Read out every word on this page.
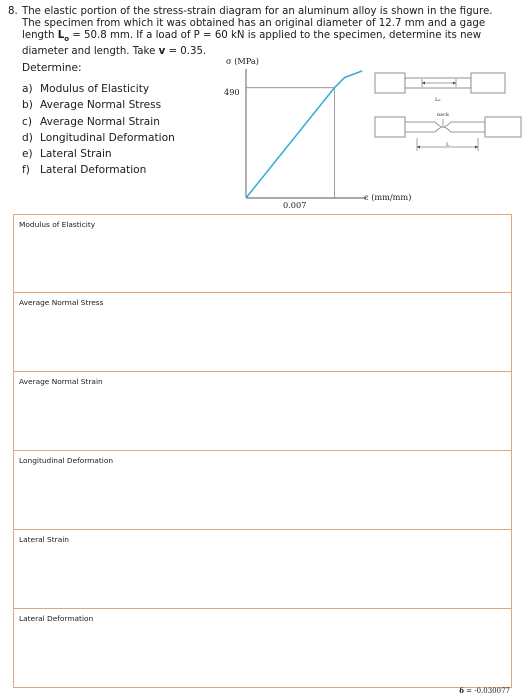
8. The elastic portion of the stress-strain diagram for an aluminum alloy is shown in the figure.
The specimen from which it was obtained has an original diameter of 12.7 mm and a gage
length $L_o = 50.8$ mm. If a load of P = 60 kN is applied to the specimen, determine its new
diameter and length. Take v = 0.35.
Determine:
a) Modulus of Elasticity
b) Average Normal Stress
c) Average Normal Strain
d) Longitudinal Deformation
e) Lateral Strain
f) Lateral Deformation
σ (MPa)
490
0.007
ϵ (mm/mm)
L₀
neck
L
Modulus of Elasticity
Average Normal Stress
Average Normal Strain
Longitudinal Deformation
Lateral Strain
Lateral Deformation
δ = -0.030077
